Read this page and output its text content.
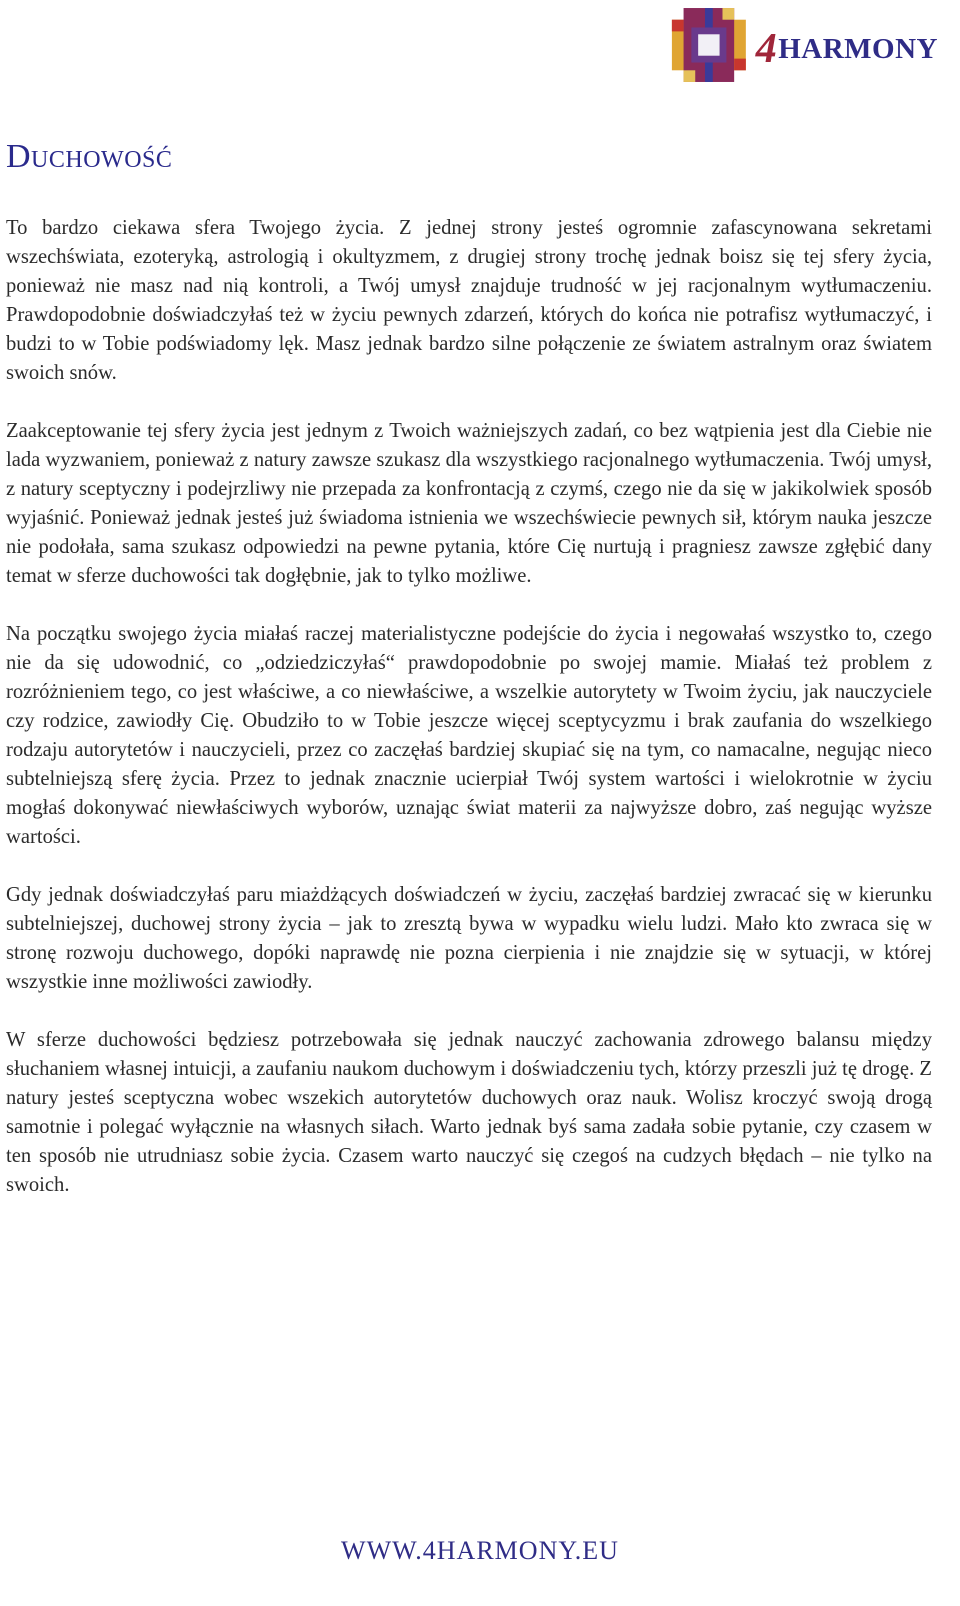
4HARMONY
Duchowość

To bardzo ciekawa sfera Twojego życia. Z jednej strony jesteś ogromnie zafascynowana sekretami wszechświata, ezoteryką, astrologią i okultyzmem, z drugiej strony trochę jednak boisz się tej sfery życia, ponieważ nie masz nad nią kontroli, a Twój umysł znajduje trudność w jej racjonalnym wytłumaczeniu. Prawdopodobnie doświadczyłaś też w życiu pewnych zdarzeń, których do końca nie potrafisz wytłumaczyć, i budzi to w Tobie podświadomy lęk. Masz jednak bardzo silne połączenie ze światem astralnym oraz światem swoich snów.

Zaakceptowanie tej sfery życia jest jednym z Twoich ważniejszych zadań, co bez wątpienia jest dla Ciebie nie lada wyzwaniem, ponieważ z natury zawsze szukasz dla wszystkiego racjonalnego wytłumaczenia. Twój umysł, z natury sceptyczny i podejrzliwy nie przepada za konfrontacją z czymś, czego nie da się w jakikolwiek sposób wyjaśnić. Ponieważ jednak jesteś już świadoma istnienia we wszechświecie pewnych sił, którym nauka jeszcze nie podołała, sama szukasz odpowiedzi na pewne pytania, które Cię nurtują i pragniesz zawsze zgłębić dany temat w sferze duchowości tak dogłębnie, jak to tylko możliwe.

Na początku swojego życia miałaś raczej materialistyczne podejście do życia i negowałaś wszystko to, czego nie da się udowodnić, co „odziedziczyłaś“ prawdopodobnie po swojej mamie. Miałaś też problem z rozróżnieniem tego, co jest właściwe, a co niewłaściwe, a wszelkie autorytety w Twoim życiu, jak nauczyciele czy rodzice, zawiodły Cię. Obudziło to w Tobie jeszcze więcej sceptycyzmu i brak zaufania do wszelkiego rodzaju autorytetów i nauczycieli, przez co zaczęłaś bardziej skupiać się na tym, co namacalne, negując nieco subtelniejszą sferę życia. Przez to jednak znacznie ucierpiał Twój system wartości i wielokrotnie w życiu mogłaś dokonywać niewłaściwych wyborów, uznając świat materii za najwyższe dobro, zaś negując wyższe wartości.

Gdy jednak doświadczyłaś paru miażdżących doświadczeń w życiu, zaczęłaś bardziej zwracać się w kierunku subtelniejszej, duchowej strony życia – jak to zresztą bywa w wypadku wielu ludzi. Mało kto zwraca się w stronę rozwoju duchowego, dopóki naprawdę nie pozna cierpienia i nie znajdzie się w sytuacji, w której wszystkie inne możliwości zawiodły.

W sferze duchowości będziesz potrzebowała się jednak nauczyć zachowania zdrowego balansu między słuchaniem własnej intuicji, a zaufaniu naukom duchowym i doświadczeniu tych, którzy przeszli już tę drogę. Z natury jesteś sceptyczna wobec wszekich autorytetów duchowych oraz nauk. Wolisz kroczyć swoją drogą samotnie i polegać wyłącznie na własnych siłach. Warto jednak byś sama zadała sobie pytanie, czy czasem w ten sposób nie utrudniasz sobie życia. Czasem warto nauczyć się czegoś na cudzych błędach – nie tylko na swoich.

WWW.4HARMONY.EU
